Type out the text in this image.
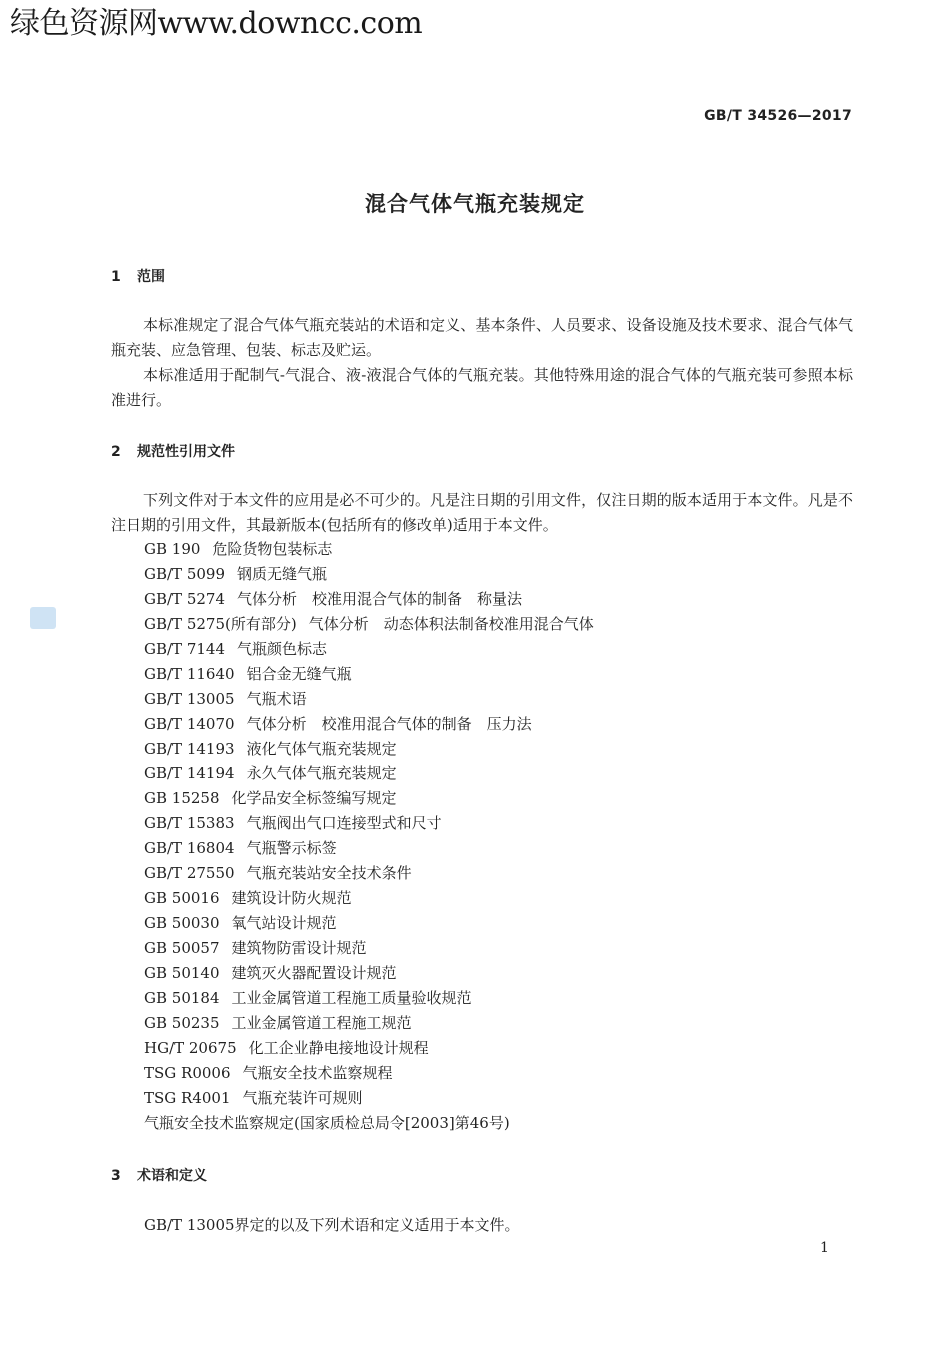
绿色资源网www.downcc.com
GB/T 34526—2017
混合气体气瓶充装规定
1 范围

本标准规定了混合气体气瓶充装站的术语和定义、基本条件、人员要求、设备设施及技术要求、混合气体气瓶充装、应急管理、包装、标志及贮运。

本标准适用于配制气-气混合、液-液混合气体的气瓶充装。其他特殊用途的混合气体的气瓶充装可参照本标准进行。

2 规范性引用文件

下列文件对于本文件的应用是必不可少的。凡是注日期的引用文件，仅注日期的版本适用于本文件。凡是不注日期的引用文件，其最新版本(包括所有的修改单)适用于本文件。

GB 190 危险货物包装标志
GB/T 5099 钢质无缝气瓶
GB/T 5274 气体分析　校准用混合气体的制备　称量法
GB/T 5275(所有部分) 气体分析　动态体积法制备校准用混合气体
GB/T 7144 气瓶颜色标志
GB/T 11640 铝合金无缝气瓶
GB/T 13005 气瓶术语
GB/T 14070 气体分析　校准用混合气体的制备　压力法
GB/T 14193 液化气体气瓶充装规定
GB/T 14194 永久气体气瓶充装规定
GB 15258 化学品安全标签编写规定
GB/T 15383 气瓶阀出气口连接型式和尺寸
GB/T 16804 气瓶警示标签
GB/T 27550 气瓶充装站安全技术条件
GB 50016 建筑设计防火规范
GB 50030 氧气站设计规范
GB 50057 建筑物防雷设计规范
GB 50140 建筑灭火器配置设计规范
GB 50184 工业金属管道工程施工质量验收规范
GB 50235 工业金属管道工程施工规范
HG/T 20675 化工企业静电接地设计规程
TSG R0006 气瓶安全技术监察规程
TSG R4001 气瓶充装许可规则
气瓶安全技术监察规定(国家质检总局令[2003]第46号)
3 术语和定义
GB/T 13005界定的以及下列术语和定义适用于本文件。
1
